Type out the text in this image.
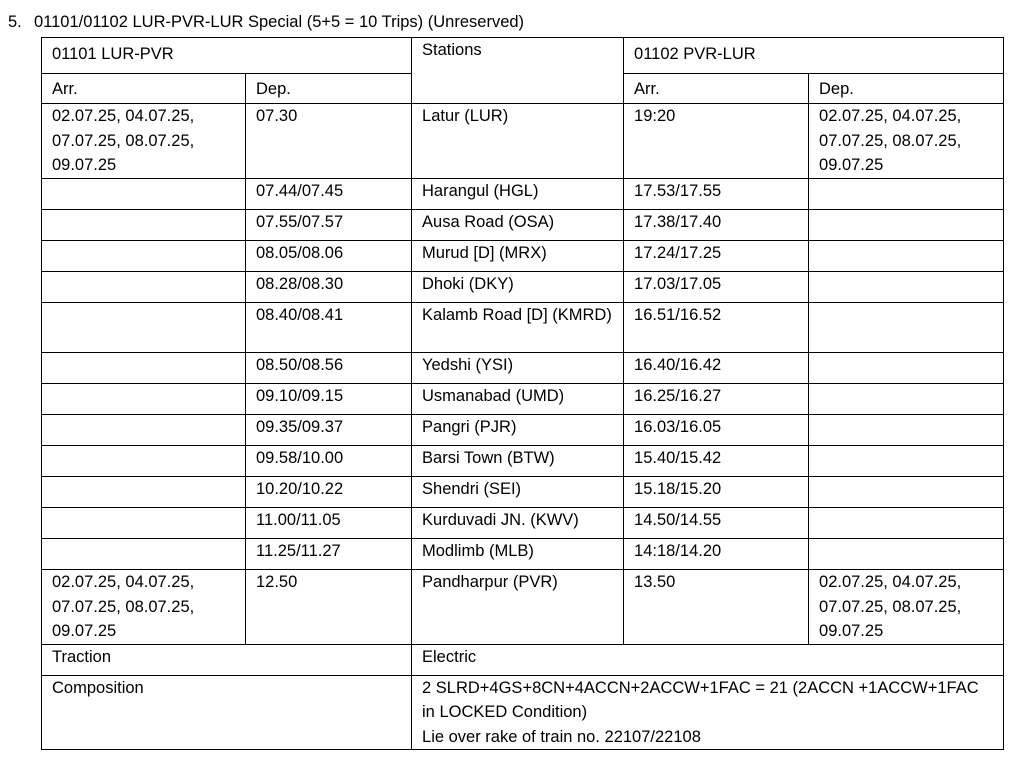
5. 01101/01102 LUR-PVR-LUR Special (5+5 = 10 Trips) (Unreserved)
01101 LUR-PVR		Stations	01102 PVR-LUR	
Arr.	Dep.		Arr.	Dep.
02.07.25, 04.07.25, 07.07.25, 08.07.25, 09.07.25	07.30	Latur (LUR)	19:20	02.07.25, 04.07.25, 07.07.25, 08.07.25, 09.07.25
	07.44/07.45	Harangul (HGL)	17.53/17.55	
	07.55/07.57	Ausa Road (OSA)	17.38/17.40	
	08.05/08.06	Murud [D] (MRX)	17.24/17.25	
	08.28/08.30	Dhoki (DKY)	17.03/17.05	
	08.40/08.41	Kalamb Road [D] (KMRD)	16.51/16.52	
	08.50/08.56	Yedshi (YSI)	16.40/16.42	
	09.10/09.15	Usmanabad (UMD)	16.25/16.27	
	09.35/09.37	Pangri (PJR)	16.03/16.05	
	09.58/10.00	Barsi Town (BTW)	15.40/15.42	
	10.20/10.22	Shendri (SEI)	15.18/15.20	
	11.00/11.05	Kurduvadi JN. (KWV)	14.50/14.55	
	11.25/11.27	Modlimb (MLB)	14:18/14.20	
02.07.25, 04.07.25, 07.07.25, 08.07.25, 09.07.25	12.50	Pandharpur (PVR)	13.50	02.07.25, 04.07.25, 07.07.25, 08.07.25, 09.07.25
Traction		Electric		
Composition		2 SLRD+4GS+8CN+4ACCN+2ACCW+1FAC = 21 (2ACCN +1ACCW+1FAC in LOCKED Condition)
Lie over rake of train no. 22107/22108		
